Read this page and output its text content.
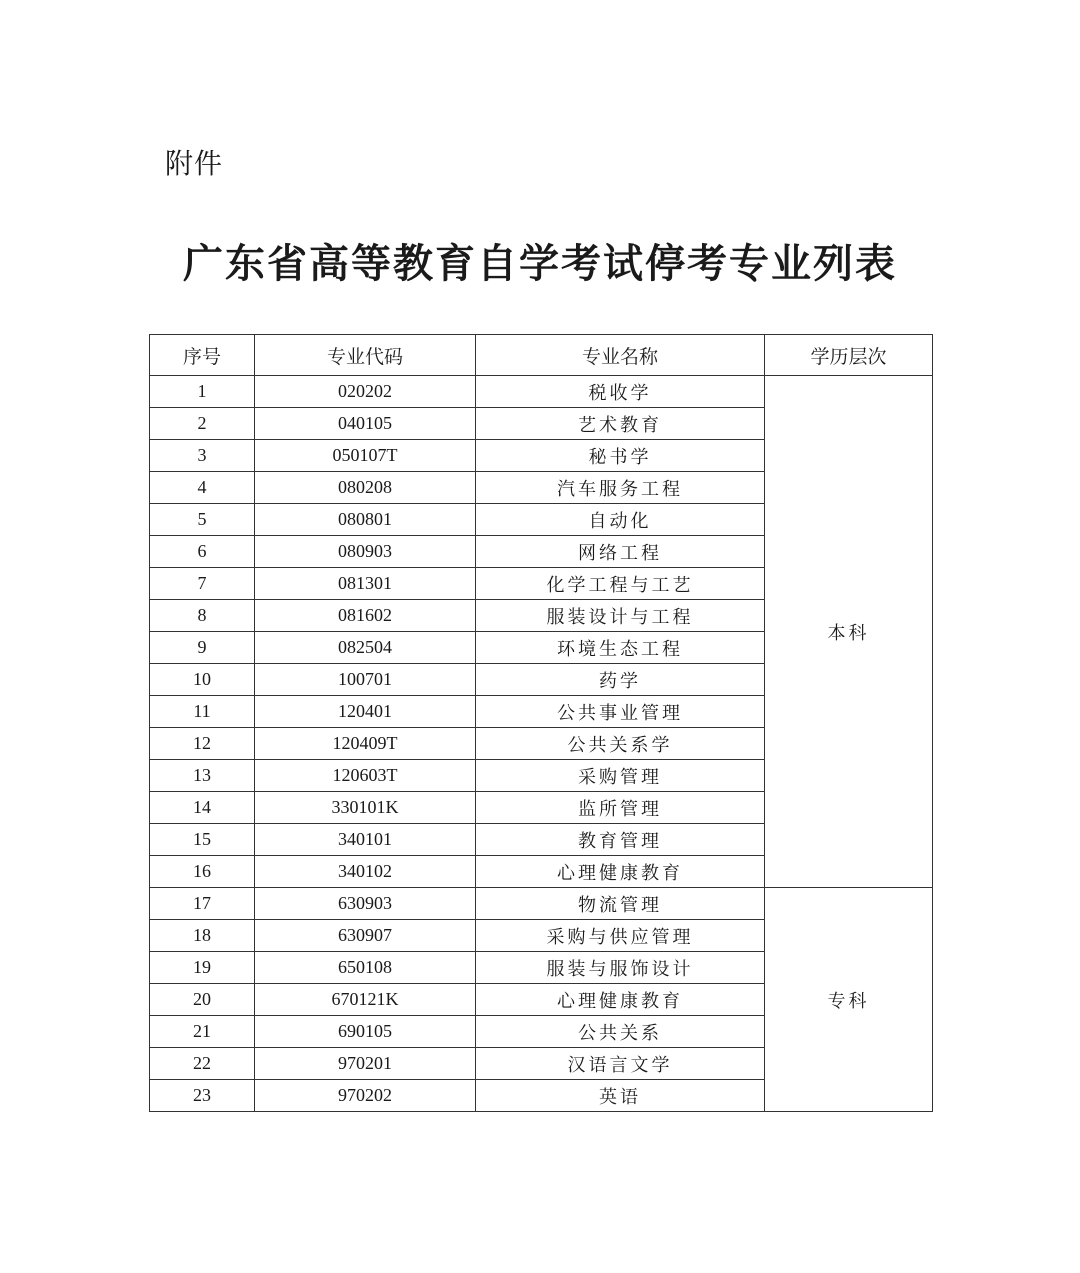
附件
广东省高等教育自学考试停考专业列表
序号	专业代码	专业名称	学历层次
1	020202	税收学	本科
2	040105	艺术教育	
3	050107T	秘书学	
4	080208	汽车服务工程	
5	080801	自动化	
6	080903	网络工程	
7	081301	化学工程与工艺	
8	081602	服装设计与工程	
9	082504	环境生态工程	
10	100701	药学	
11	120401	公共事业管理	
12	120409T	公共关系学	
13	120603T	采购管理	
14	330101K	监所管理	
15	340101	教育管理	
16	340102	心理健康教育	
17	630903	物流管理	专科
18	630907	采购与供应管理	
19	650108	服装与服饰设计	
20	670121K	心理健康教育	
21	690105	公共关系	
22	970201	汉语言文学	
23	970202	英语	
